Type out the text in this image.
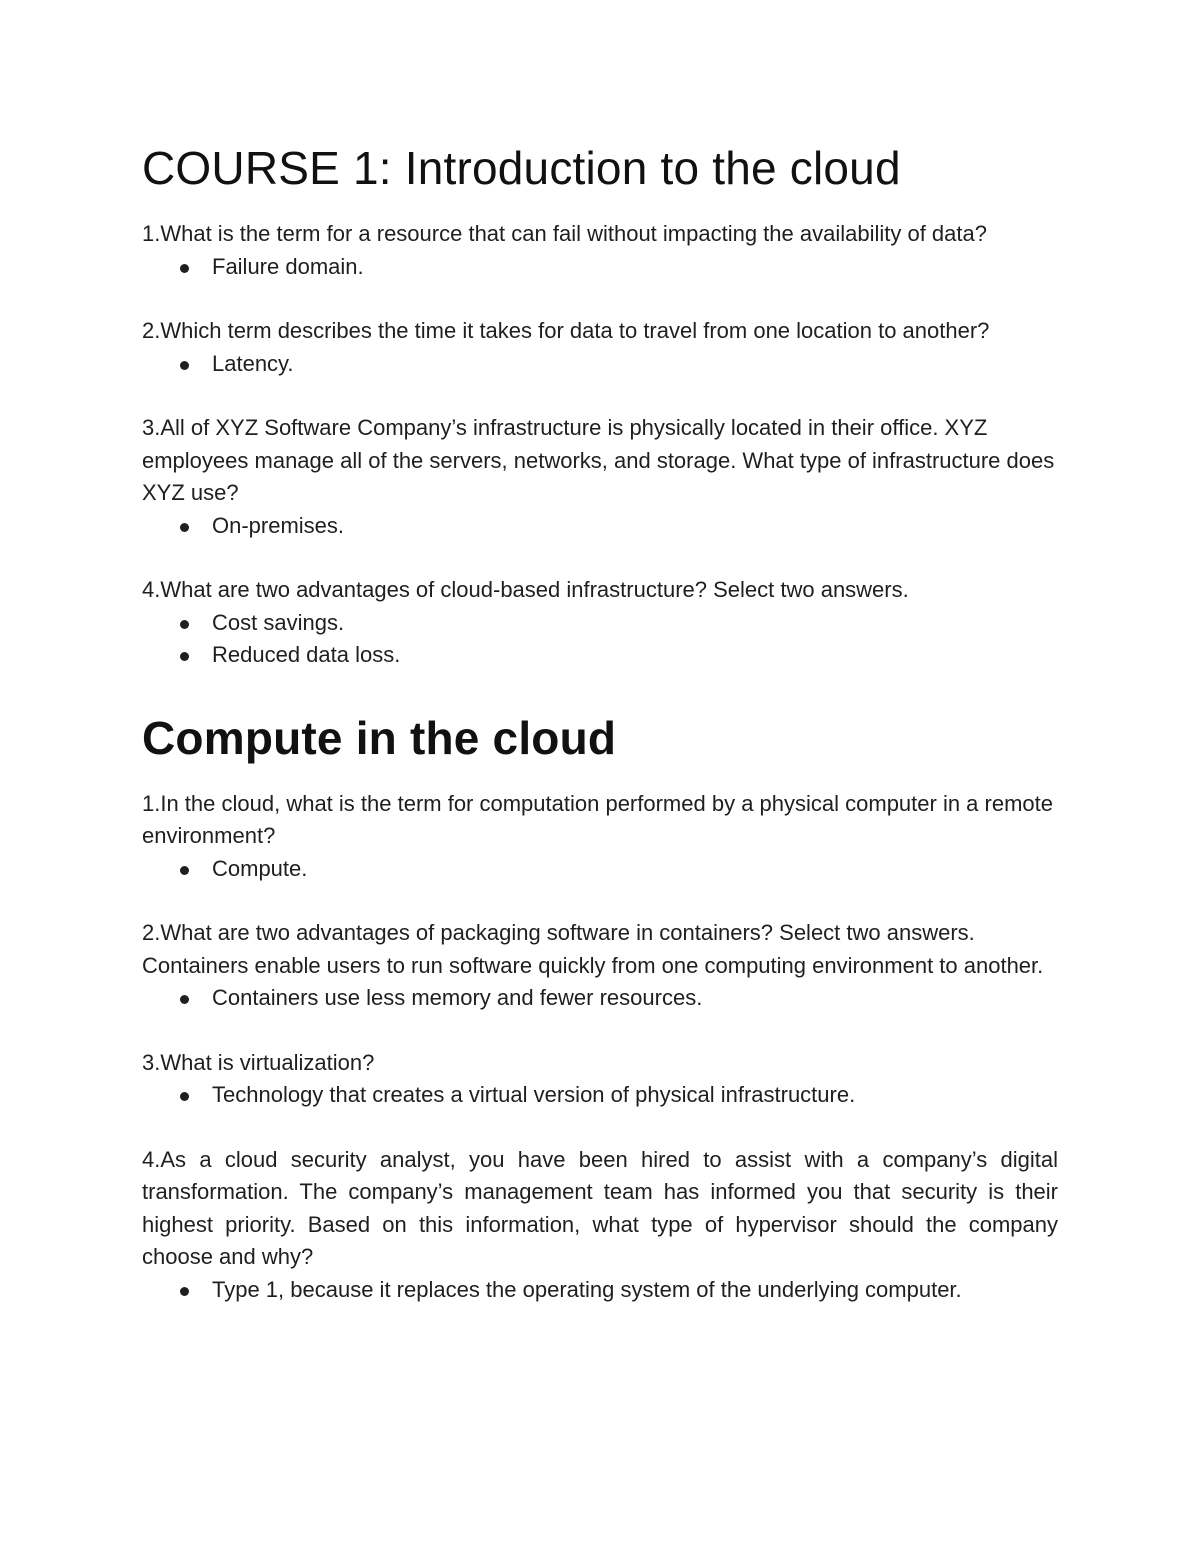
COURSE 1: Introduction to the cloud

1.What is the term for a resource that can fail without impacting the availability of data?

Failure domain.

2.Which term describes the time it takes for data to travel from one location to another?

Latency.

3.All of XYZ Software Company’s infrastructure is physically located in their office. XYZ employees manage all of the servers, networks, and storage. What type of infrastructure does XYZ use?

On-premises.

4.What are two advantages of cloud-based infrastructure? Select two answers.

Cost savings.
Reduced data loss.
Compute in the cloud

1.In the cloud, what is the term for computation performed by a physical computer in a remote environment?

Compute.

2.What are two advantages of packaging software in containers? Select two answers.

Containers enable users to run software quickly from one computing environment to another.

Containers use less memory and fewer resources.

3.What is virtualization?

Technology that creates a virtual version of physical infrastructure.

4.As a cloud security analyst, you have been hired to assist with a company’s digital transformation. The company’s management team has informed you that security is their highest priority. Based on this information, what type of hypervisor should the company choose and why?

Type 1, because it replaces the operating system of the underlying computer.
